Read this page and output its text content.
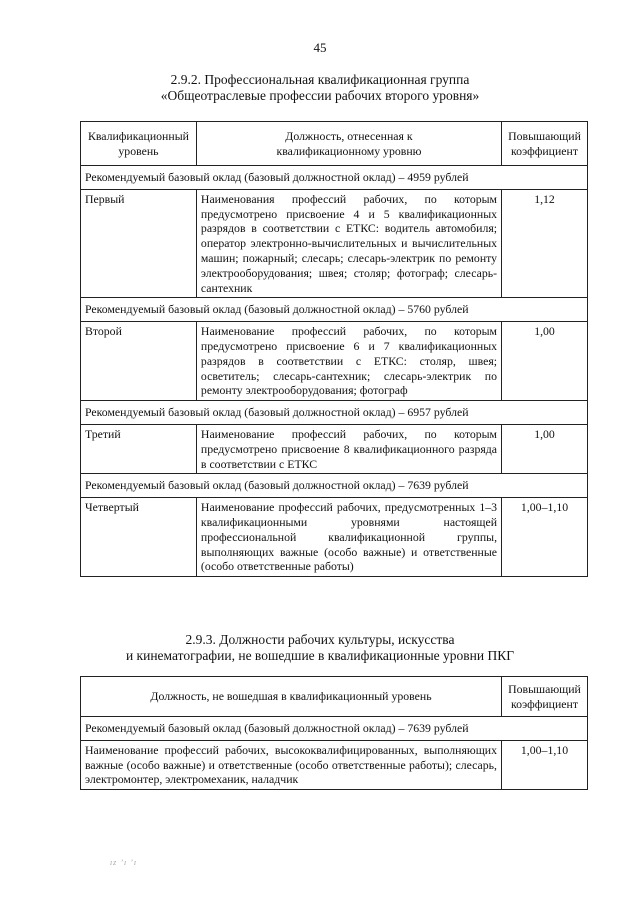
45
2.9.2. Профессиональная квалификационная группа
«Общеотраслевые профессии рабочих второго уровня»
Квалификационный уровень	Должность, отнесенная к квалификационному уровню	Повышающий коэффициент
Рекомендуемый базовый оклад (базовый должностной оклад) – 4959 рублей		
Первый	Наименования профессий рабочих, по которым предусмотрено присвоение 4 и 5 квалификационных разрядов в соответствии с ЕТКС: водитель автомобиля; оператор электронно-вычислительных и вычислительных машин; пожарный; слесарь; слесарь-электрик по ремонту электрооборудования; швея; столяр; фотограф; слесарь-сантехник	1,12
Рекомендуемый базовый оклад (базовый должностной оклад) – 5760 рублей		
Второй	Наименование профессий рабочих, по которым предусмотрено присвоение 6 и 7 квалификационных разрядов в соответствии с ЕТКС: столяр, швея; осветитель; слесарь-сантехник; слесарь-электрик по ремонту электрооборудования; фотограф	1,00
Рекомендуемый базовый оклад (базовый должностной оклад) – 6957 рублей		
Третий	Наименование профессий рабочих, по которым предусмотрено присвоение 8 квалификационного разряда в соответствии с ЕТКС	1,00
Рекомендуемый базовый оклад (базовый должностной оклад) – 7639 рублей		
Четвертый	Наименование профессий рабочих, предусмотренных 1–3 квалификационными уровнями настоящей профессиональной квалификационной группы, выполняющих важные (особо важные) и ответственные (особо ответственные работы)	1,00–1,10
2.9.3. Должности рабочих культуры, искусства
и кинематографии, не вошедшие в квалификационные уровни ПКГ
Должность, не вошедшая в квалификационный уровень	Повышающий коэффициент
Рекомендуемый базовый оклад (базовый должностной оклад) – 7639 рублей	
Наименование профессий рабочих, высококвалифицированных, выполняющих важные (особо важные) и ответственные (особо ответственные работы); слесарь, электромонтер, электромеханик, наладчик	1,00–1,10
ɪᴢ ʼɪ ʼɪ
